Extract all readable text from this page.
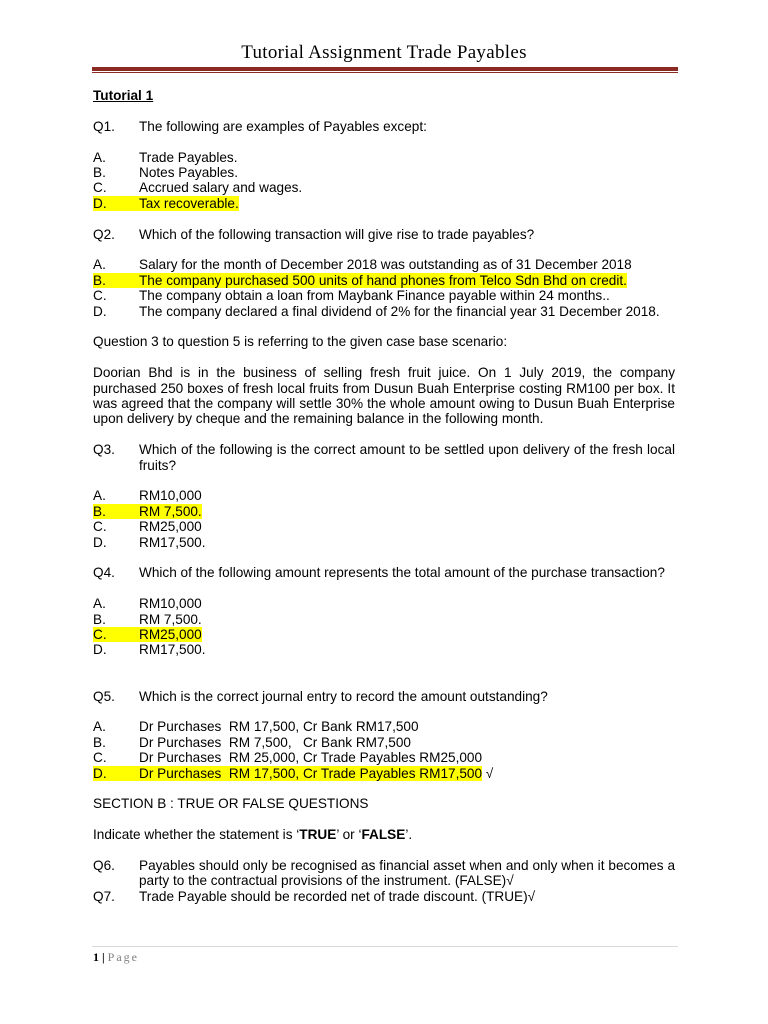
Tutorial Assignment Trade Payables
Tutorial 1
Q1.	The following are examples of Payables except:
A.	Trade Payables.
B.	Notes Payables.
C.	Accrued salary and wages.
D.	Tax recoverable.
Q2.	Which of the following transaction will give rise to trade payables?
A.	Salary for the month of December 2018 was outstanding as of 31 December 2018
B.	The company purchased 500 units of hand phones from Telco Sdn Bhd on credit.
C.	The company obtain a loan from Maybank Finance payable within 24 months..
D.	The company declared a final dividend of 2% for the financial year 31 December 2018.
Question 3 to question 5 is referring to the given case base scenario:
Doorian Bhd is in the business of selling fresh fruit juice. On 1 July 2019, the company purchased 250 boxes of fresh local fruits from Dusun Buah Enterprise costing RM100 per box. It was agreed that the company will settle 30% the whole amount owing to Dusun Buah Enterprise upon delivery by cheque and the remaining balance in the following month.
Q3.	Which of the following is the correct amount to be settled upon delivery of the fresh local fruits?
A.	RM10,000
B.	RM 7,500.
C.	RM25,000
D.	RM17,500.
Q4.	Which of the following amount represents the total amount of the purchase transaction?
A.	RM10,000
B.	RM 7,500.
C.	RM25,000
D.	RM17,500.
Q5.	Which is the correct journal entry to record the amount outstanding?
A.	Dr Purchases  RM 17,500, Cr Bank RM17,500
B.	Dr Purchases  RM 7,500,   Cr Bank RM7,500
C.	Dr Purchases  RM 25,000, Cr Trade Payables RM25,000
D.	Dr Purchases  RM 17,500, Cr Trade Payables RM17,500 √
SECTION B : TRUE OR FALSE QUESTIONS
Indicate whether the statement is ‘TRUE’ or ‘FALSE’.
Q6.	Payables should only be recognised as financial asset when and only when it becomes a party to the contractual provisions of the instrument. (FALSE)√
Q7.	Trade Payable should be recorded net of trade discount. (TRUE)√
1 | Page
